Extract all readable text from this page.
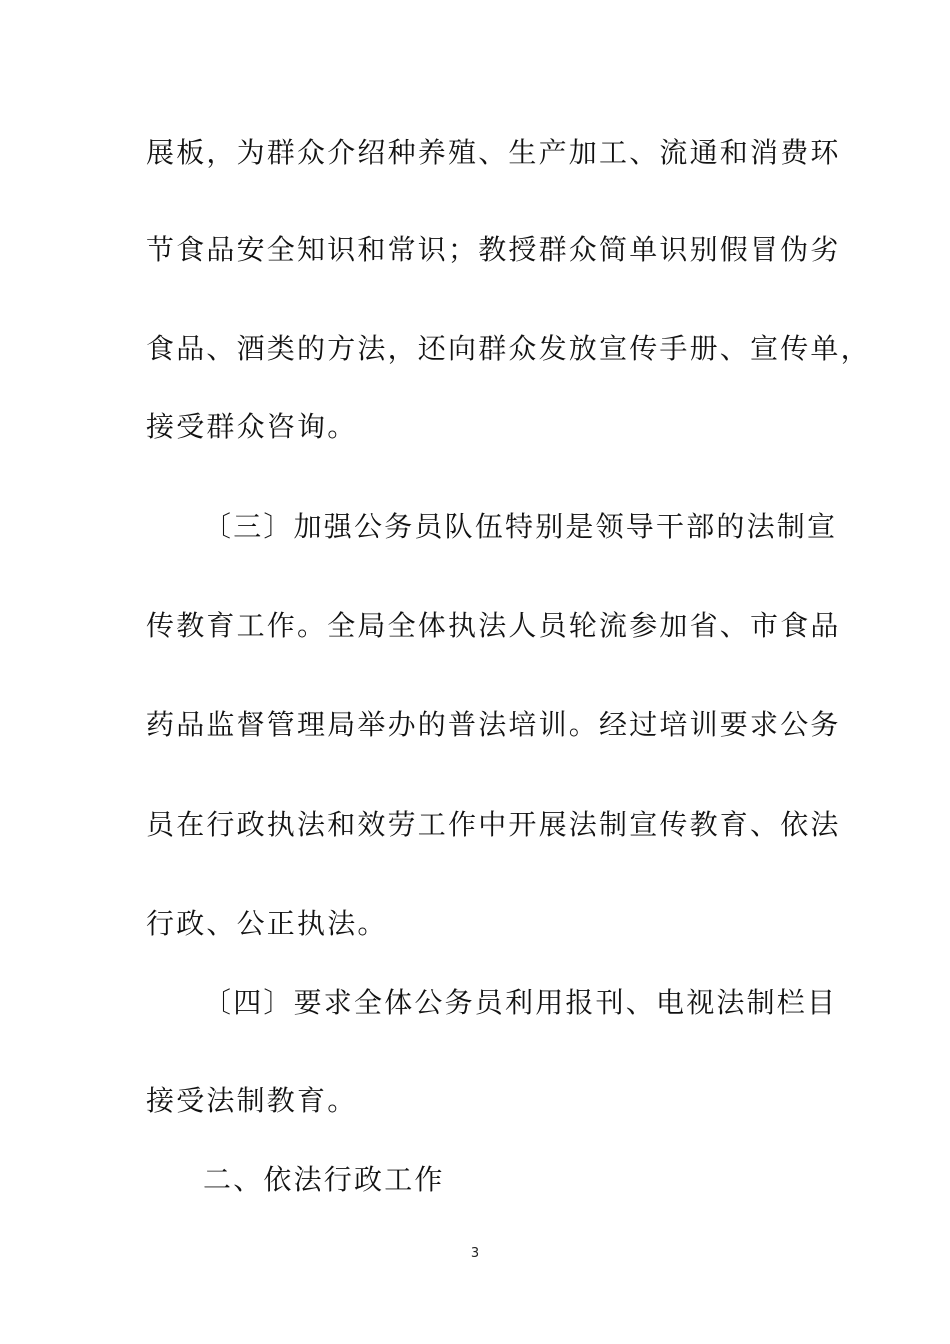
展板，为群众介绍种养殖、生产加工、流通和消费环

节食品安全知识和常识；教授群众简单识别假冒伪劣

食品、酒类的方法，还向群众发放宣传手册、宣传单，

接受群众咨询。

〔三〕加强公务员队伍特别是领导干部的法制宣

传教育工作。全局全体执法人员轮流参加省、市食品

药品监督管理局举办的普法培训。经过培训要求公务

员在行政执法和效劳工作中开展法制宣传教育、依法

行政、公正执法。

〔四〕要求全体公务员利用报刊、电视法制栏目

接受法制教育。

二、依法行政工作

3
